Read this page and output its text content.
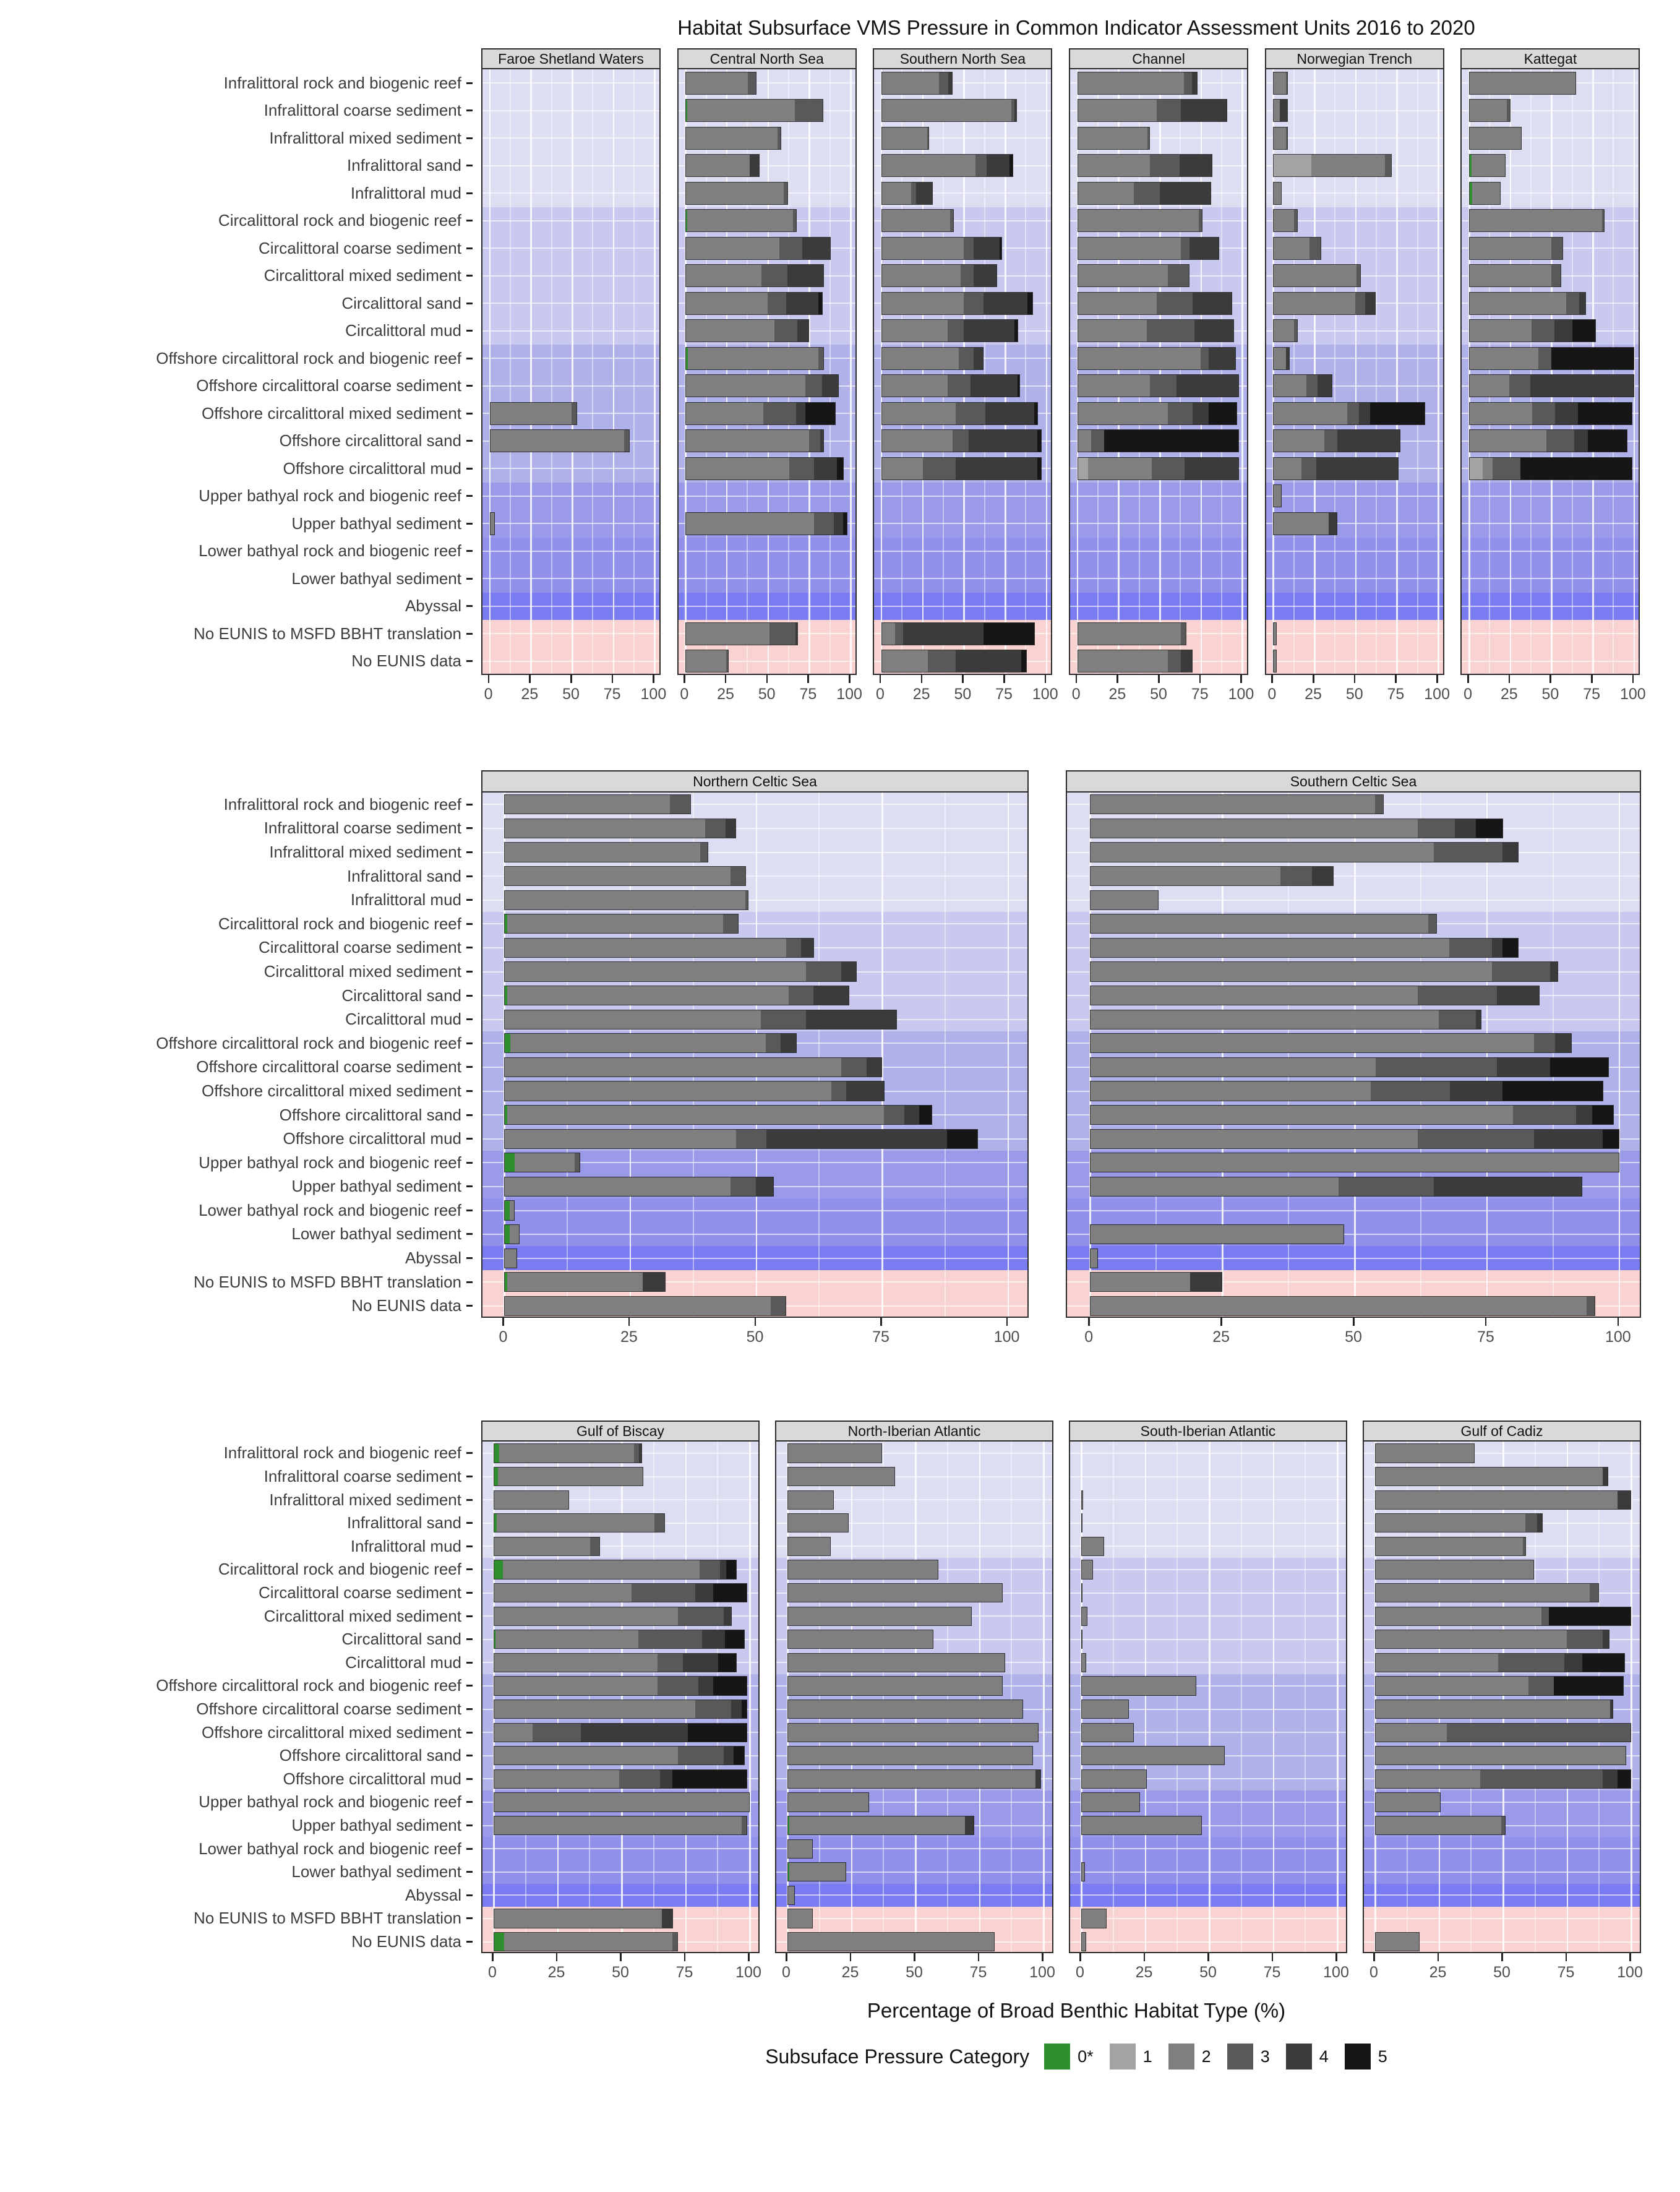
Habitat Subsurface VMS Pressure in Common Indicator Assessment Units 2016 to 2020
Infralittoral rock and biogenic reef
Infralittoral coarse sediment
Infralittoral mixed sediment
Infralittoral sand
Infralittoral mud
Circalittoral rock and biogenic reef
Circalittoral coarse sediment
Circalittoral mixed sediment
Circalittoral sand
Circalittoral mud
Offshore circalittoral rock and biogenic reef
Offshore circalittoral coarse sediment
Offshore circalittoral mixed sediment
Offshore circalittoral sand
Offshore circalittoral mud
Upper bathyal rock and biogenic reef
Upper bathyal sediment
Lower bathyal rock and biogenic reef
Lower bathyal sediment
Abyssal
No EUNIS to MSFD BBHT translation
No EUNIS data
Faroe Shetland Waters
0 25 50 75 100
Central North Sea
0 25 50 75 100
Southern North Sea
0 25 50 75 100
Channel
0 25 50 75 100
Norwegian Trench
0 25 50 75 100
Kattegat
0 25 50 75 100
Infralittoral rock and biogenic reef
Infralittoral coarse sediment
Infralittoral mixed sediment
Infralittoral sand
Infralittoral mud
Circalittoral rock and biogenic reef
Circalittoral coarse sediment
Circalittoral mixed sediment
Circalittoral sand
Circalittoral mud
Offshore circalittoral rock and biogenic reef
Offshore circalittoral coarse sediment
Offshore circalittoral mixed sediment
Offshore circalittoral sand
Offshore circalittoral mud
Upper bathyal rock and biogenic reef
Upper bathyal sediment
Lower bathyal rock and biogenic reef
Lower bathyal sediment
Abyssal
No EUNIS to MSFD BBHT translation
No EUNIS data
Northern Celtic Sea
0	25	50	75	100
Southern Celtic Sea
0	25	50	75	100
Infralittoral rock and biogenic reef
Infralittoral coarse sediment
Infralittoral mixed sediment
Infralittoral sand
Infralittoral mud
Circalittoral rock and biogenic reef
Circalittoral coarse sediment
Circalittoral mixed sediment
Circalittoral sand
Circalittoral mud
Offshore circalittoral rock and biogenic reef
Offshore circalittoral coarse sediment
Offshore circalittoral mixed sediment
Offshore circalittoral sand
Offshore circalittoral mud
Upper bathyal rock and biogenic reef
Upper bathyal sediment
Lower bathyal rock and biogenic reef
Lower bathyal sediment
Abyssal
No EUNIS to MSFD BBHT translation
No EUNIS data
Gulf of Biscay
0	25	50	75	100
North-Iberian Atlantic
0	25	50	75	100
South-Iberian Atlantic
0	25	50	75	100
Gulf of Cadiz
0	25	50	75	100
Percentage of Broad Benthic Habitat Type (%)
Subsuface Pressure Category	0*	1	2	3	4	5
